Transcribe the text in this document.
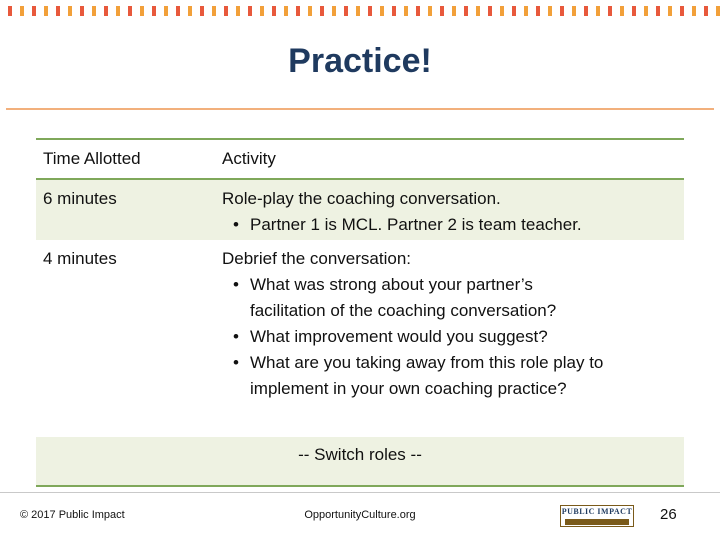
Practice!
Time Allotted	Activity
6 minutes	Role-play the coaching conversation.
• Partner 1 is MCL. Partner 2 is team teacher.
4 minutes	Debrief the conversation:
• What was strong about your partner’s
facilitation of the coaching conversation?
• What improvement would you suggest?
• What are you taking away from this role play to
implement in your own coaching practice?
-- Switch roles --
© 2017 Public Impact	OpportunityCulture.org	PUBLIC IMPACT 26
